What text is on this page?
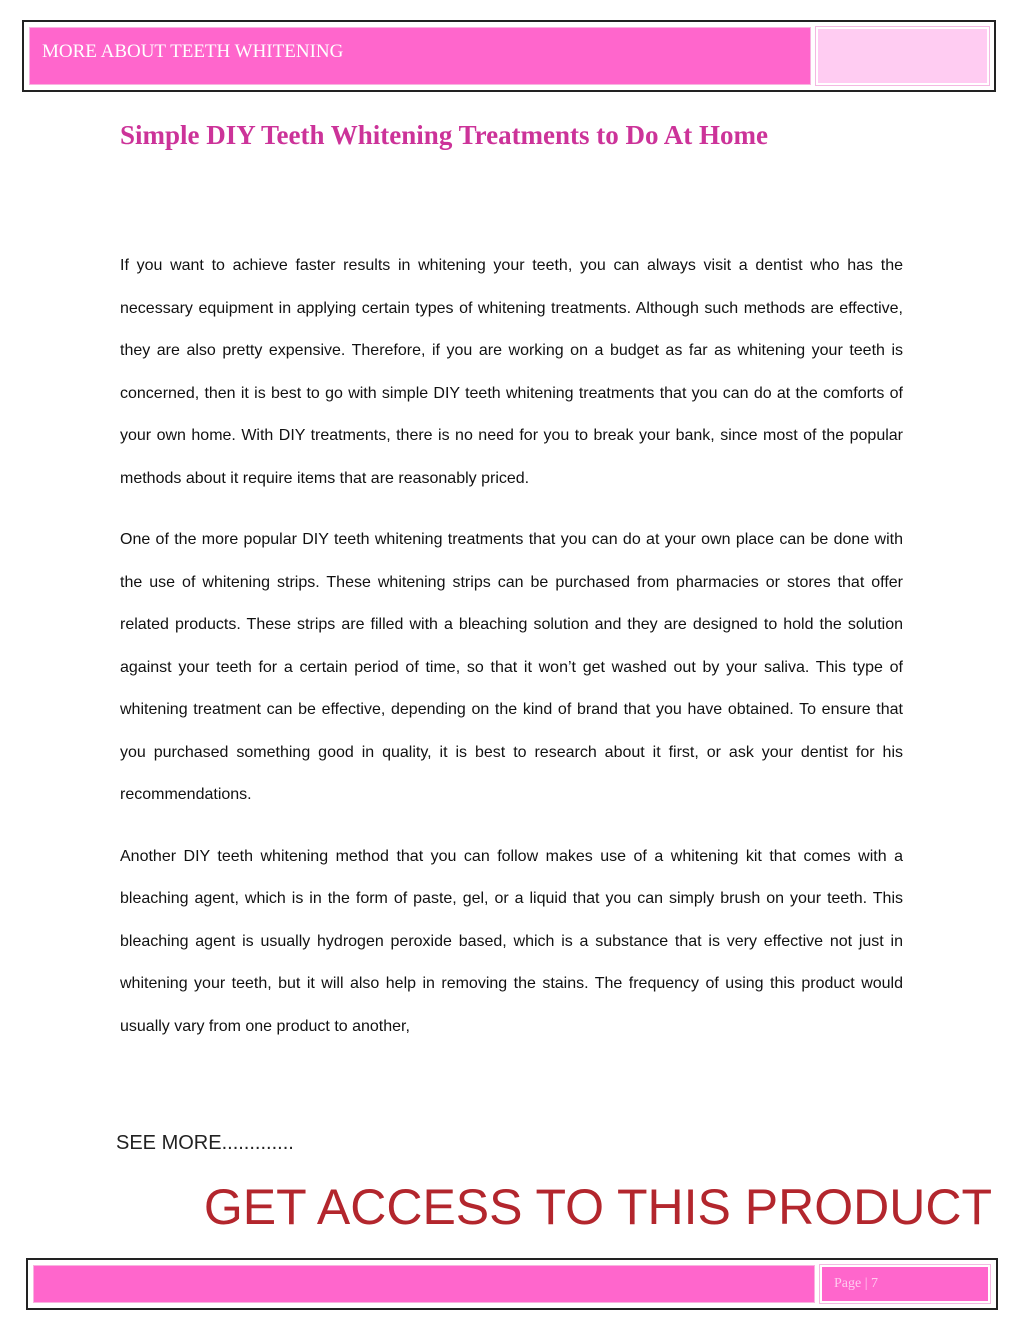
MORE ABOUT TEETH WHITENING
Simple DIY Teeth Whitening Treatments to Do At Home

If you want to achieve faster results in whitening your teeth, you can always visit a dentist who has the necessary equipment in applying certain types of whitening treatments. Although such methods are effective, they are also pretty expensive. Therefore, if you are working on a budget as far as whitening your teeth is concerned, then it is best to go with simple DIY teeth whitening treatments that you can do at the comforts of your own home. With DIY treatments, there is no need for you to break your bank, since most of the popular methods about it require items that are reasonably priced.

One of the more popular DIY teeth whitening treatments that you can do at your own place can be done with the use of whitening strips. These whitening strips can be purchased from pharmacies or stores that offer related products. These strips are filled with a bleaching solution and they are designed to hold the solution against your teeth for a certain period of time, so that it won’t get washed out by your saliva. This type of whitening treatment can be effective, depending on the kind of brand that you have obtained. To ensure that you purchased something good in quality, it is best to research about it first, or ask your dentist for his recommendations.

Another DIY teeth whitening method that you can follow makes use of a whitening kit that comes with a bleaching agent, which is in the form of paste, gel, or a liquid that you can simply brush on your teeth. This bleaching agent is usually hydrogen peroxide based, which is a substance that is very effective not just in whitening your teeth, but it will also help in removing the stains. The frequency of using this product would usually vary from one product to another,

SEE MORE.............
GET ACCESS TO THIS PRODUCT
Page | 7
